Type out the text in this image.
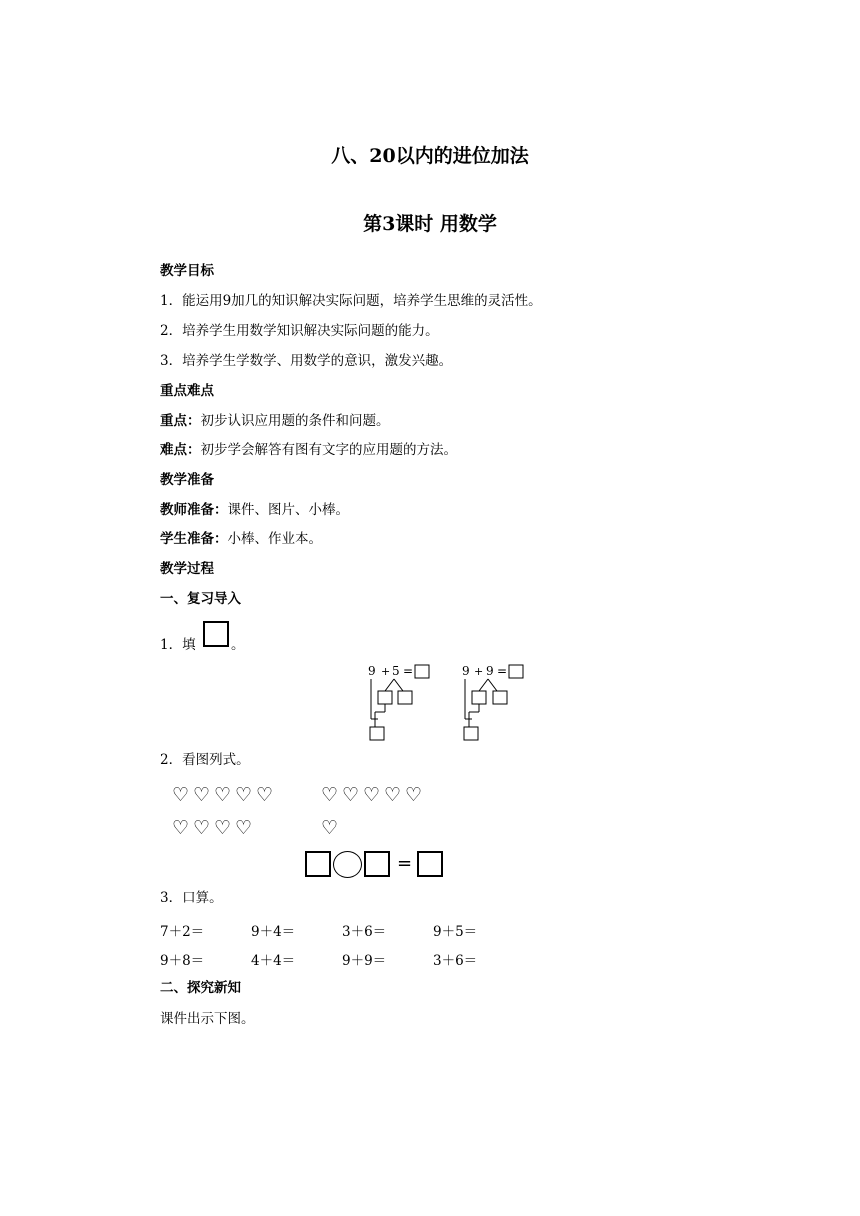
八、20以内的进位加法
第3课时 用数学
教学目标
1．能运用9加几的知识解决实际问题，培养学生思维的灵活性。
2．培养学生用数学知识解决实际问题的能力。
3．培养学生学数学、用数学的意识，激发兴趣。
重点难点
重点：初步认识应用题的条件和问题。
难点：初步学会解答有图有文字的应用题的方法。
教学准备
教师准备：课件、图片、小棒。
学生准备：小棒、作业本。
教学过程
一、复习导入
1．填	。
9 + 5 =	9 + 9 =
2．看图列式。
♡ ♡ ♡ ♡ ♡
♡ ♡ ♡ ♡
♡ ♡ ♡ ♡ ♡
♡
=
3．口算。
7＋2＝	9＋4＝	3＋6＝	9＋5＝
9＋8＝	4＋4＝	9＋9＝	3＋6＝
二、探究新知
课件出示下图。
